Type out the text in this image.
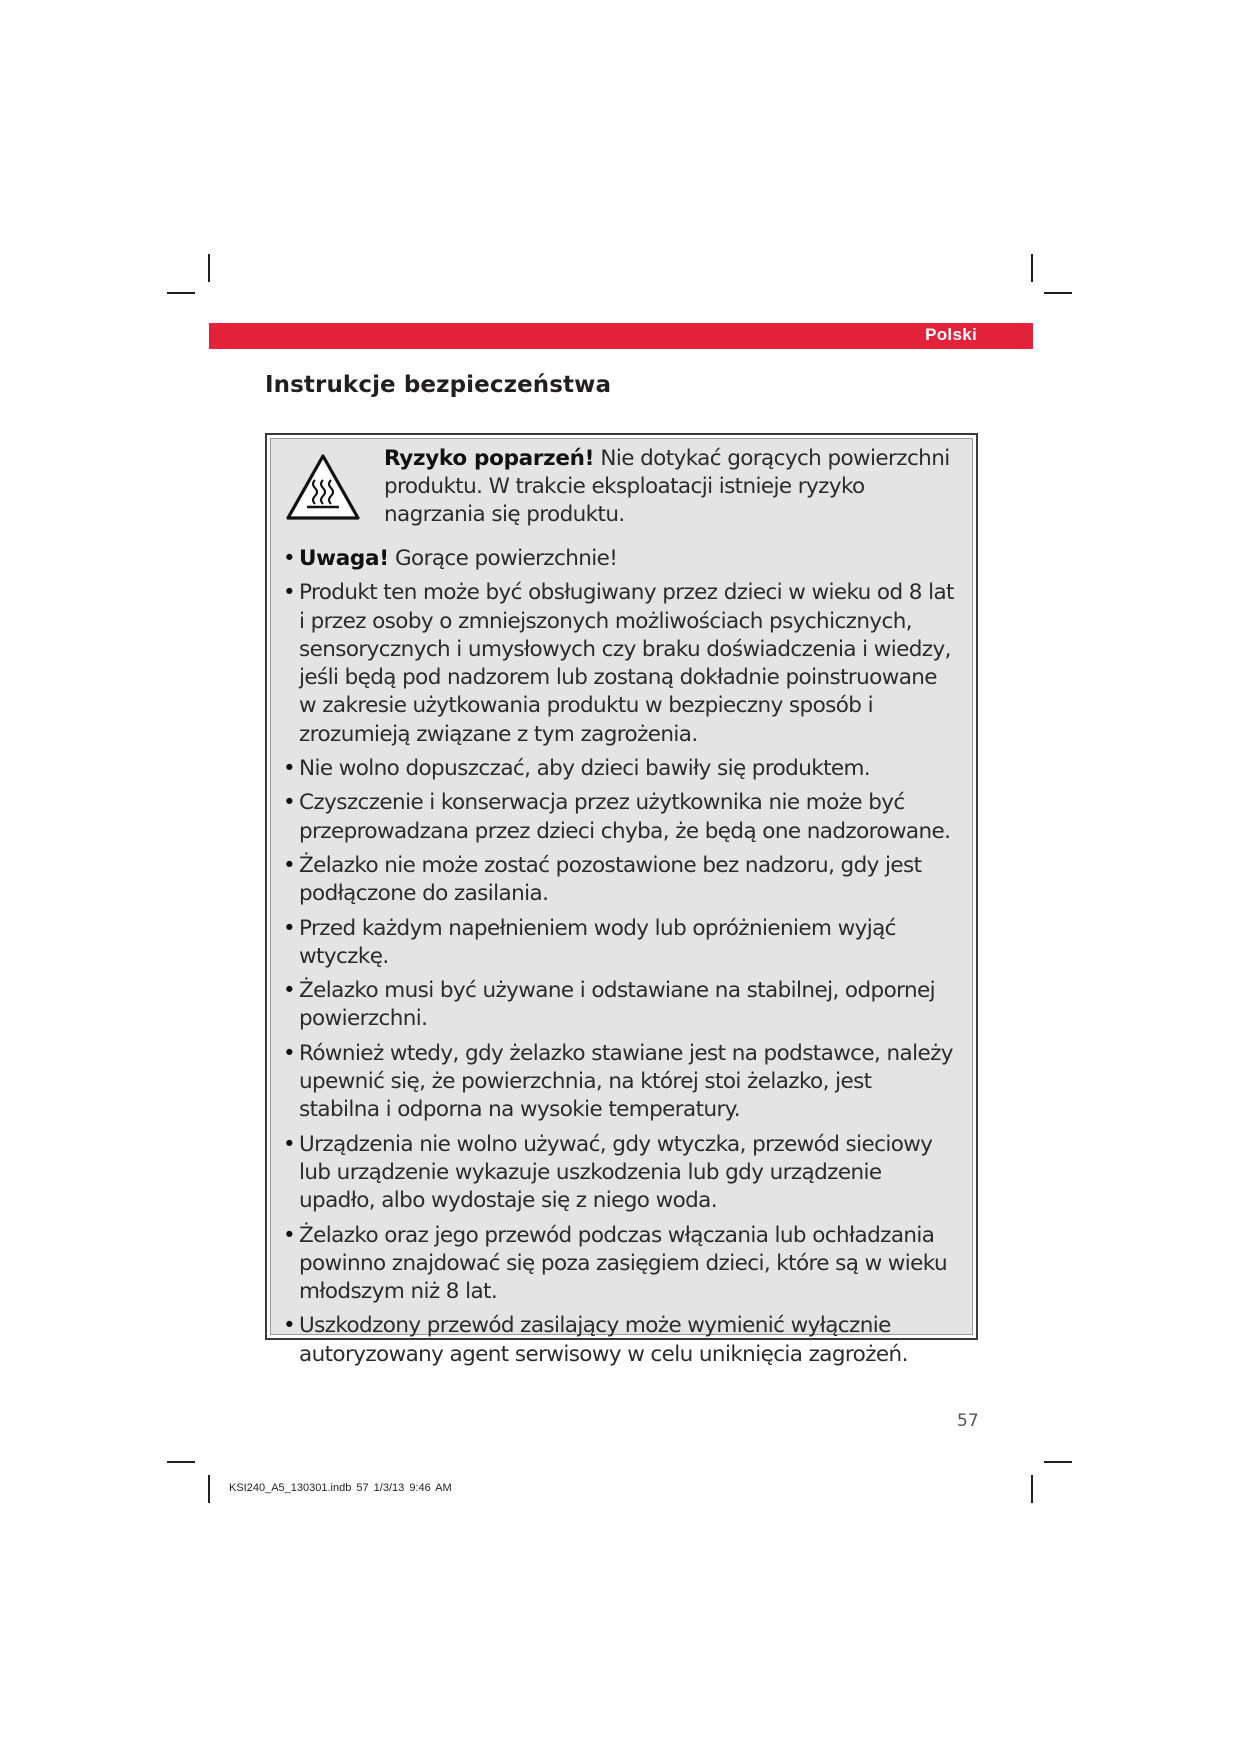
Polski
Instrukcje bezpieczeństwa
Ryzyko poparzeń! Nie dotykać gorących powierzchni produktu. W trakcie eksploatacji istnieje ryzyko nagrzania się produktu.
• Uwaga! Gorące powierzchnie!
• Produkt ten może być obsługiwany przez dzieci w wieku od 8 lat i przez osoby o zmniejszonych możliwościach psychicznych, sensorycznych i umysłowych czy braku doświadczenia i wiedzy, jeśli będą pod nadzorem lub zostaną dokładnie poinstruowane w zakresie użytkowania produktu w bezpieczny sposób i zrozumieją związane z tym zagrożenia.
• Nie wolno dopuszczać, aby dzieci bawiły się produktem.
• Czyszczenie i konserwacja przez użytkownika nie może być przeprowadzana przez dzieci chyba, że będą one nadzorowane.
• Żelazko nie może zostać pozostawione bez nadzoru, gdy jest podłączone do zasilania.
• Przed każdym napełnieniem wody lub opróżnieniem wyjąć wtyczkę.
• Żelazko musi być używane i odstawiane na stabilnej, odpornej powierzchni.
• Również wtedy, gdy żelazko stawiane jest na podstawce, należy upewnić się, że powierzchnia, na której stoi żelazko, jest stabilna i odporna na wysokie temperatury.
• Urządzenia nie wolno używać, gdy wtyczka, przewód sieciowy lub urządzenie wykazuje uszkodzenia lub gdy urządzenie upadło, albo wydostaje się z niego woda.
• Żelazko oraz jego przewód podczas włączania lub ochładzania powinno znajdować się poza zasięgiem dzieci, które są w wieku młodszym niż 8 lat.
• Uszkodzony przewód zasilający może wymienić wyłącznie autoryzowany agent serwisowy w celu uniknięcia zagrożeń.
57
KSI240_A5_130301.indb 57 1/3/13 9:46 AM
